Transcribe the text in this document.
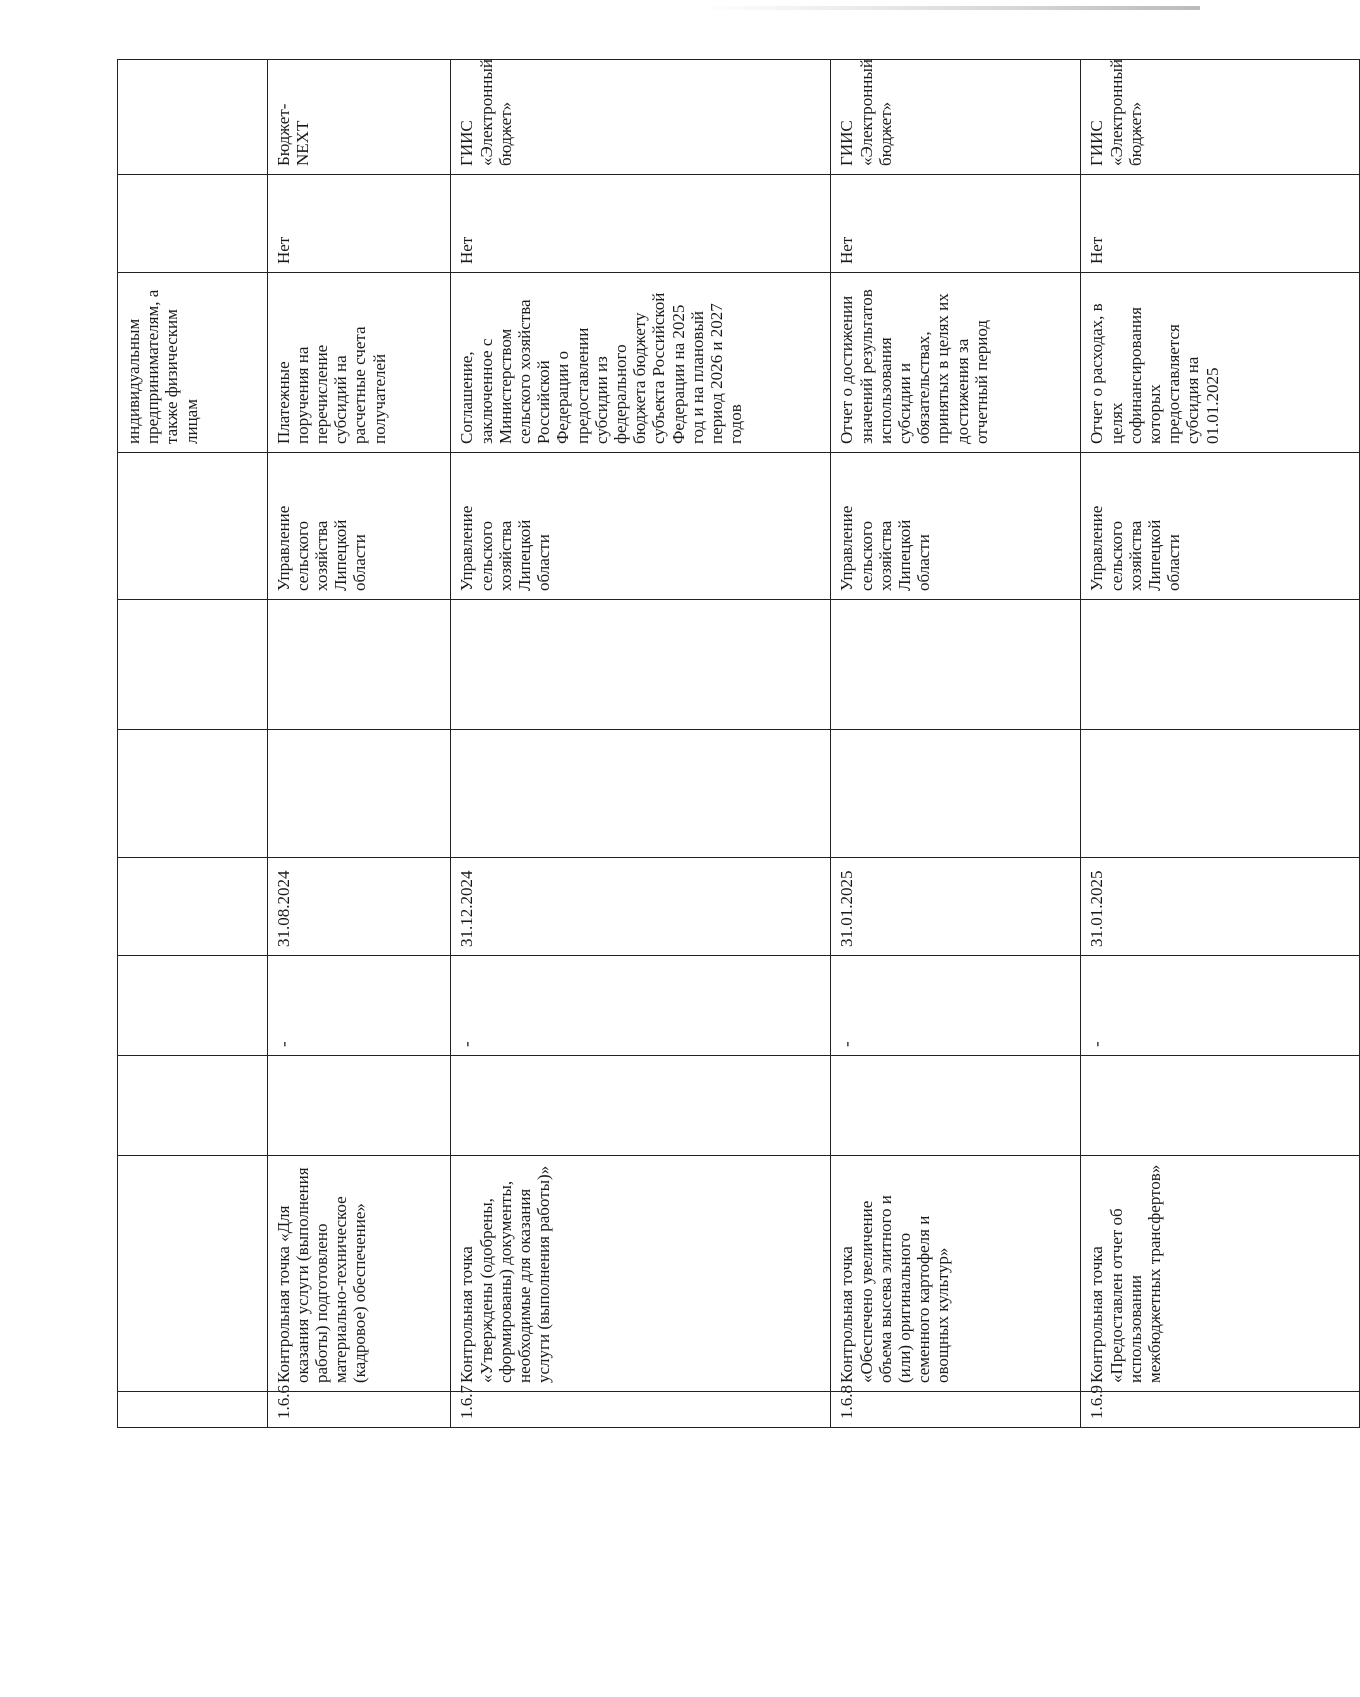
								индивидуальным предпринимателям, а также физическим лицам		
1.6.6	Контрольная точка «Для оказания услуги (выполнения работы) подготовлено материально-техническое (кадровое) обеспечение»		-	31.08.2024			Управление сельского хозяйства Липецкой области	Платежные поручения на перечисление субсидий на расчетные счета получателей	Нет	Бюджет-NEXT
1.6.7	Контрольная точка «Утверждены (одобрены, сформированы) документы, необходимые для оказания услуги (выполнения работы)»		-	31.12.2024			Управление сельского хозяйства Липецкой области	Соглашение, заключенное с Министерством сельского хозяйства Российской Федерации о предоставлении субсидии из федерального бюджета бюджету субъекта Российской Федерации на 2025 год и на плановый период 2026 и 2027 годов	Нет	ГИИС «Электронный бюджет»
1.6.8	Контрольная точка «Обеспечено увеличение объема высева элитного и (или) оригинального семенного картофеля и овощных культур»		-	31.01.2025			Управление сельского хозяйства Липецкой области	Отчет о достижении значений результатов использования субсидии и обязательствах, принятых в целях их достижения за отчетный период	Нет	ГИИС «Электронный бюджет»
1.6.9	Контрольная точка «Предоставлен отчет об использовании межбюджетных трансфертов»		-	31.01.2025			Управление сельского хозяйства Липецкой области	Отчет о расходах, в целях софинансирования которых предоставляется субсидия на 01.01.2025	Нет	ГИИС «Электронный бюджет»
